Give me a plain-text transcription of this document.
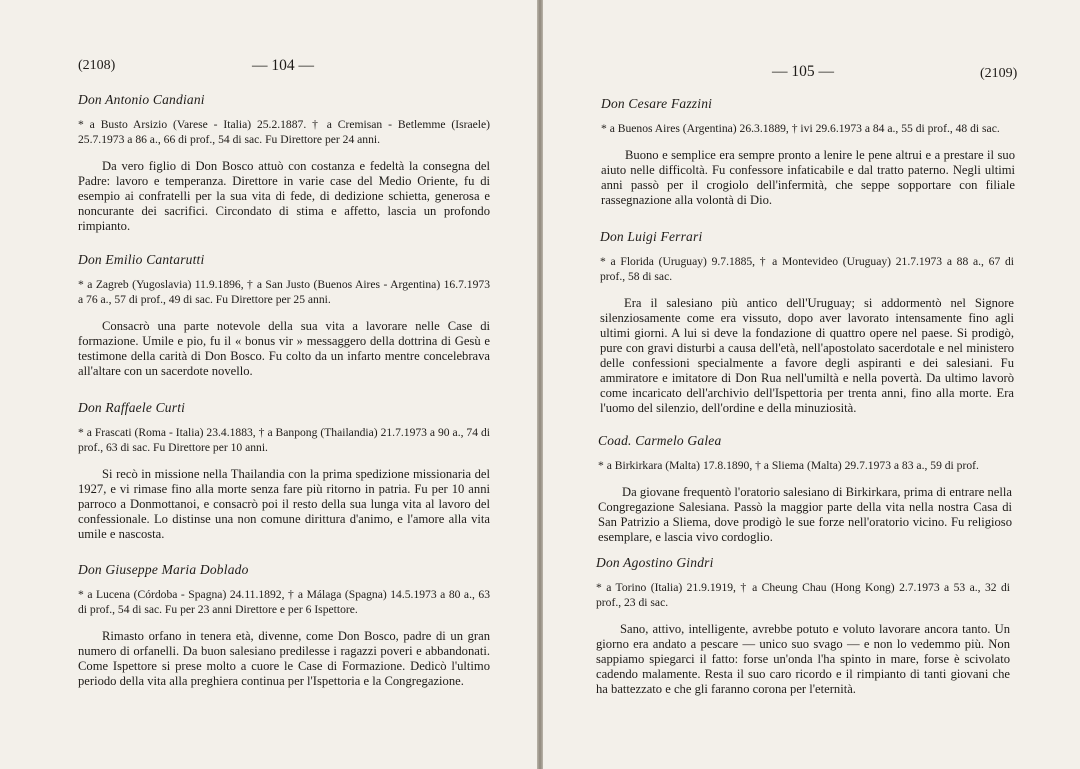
(2108)	— 104 —

Don Antonio Candiani

* a Busto Arsizio (Varese - Italia) 25.2.1887. † a Cremisan - Betlemme (Israele) 25.7.1973 a 86 a., 66 di prof., 54 di sac. Fu Direttore per 24 anni.

Da vero figlio di Don Bosco attuò con costanza e fedeltà la consegna del Padre: lavoro e temperanza. Direttore in varie case del Medio Oriente, fu di esempio ai confratelli per la sua vita di fede, di dedizione schietta, generosa e noncurante dei sacrifici. Circondato di stima e affetto, lascia un profondo rimpianto.

Don Emilio Cantarutti

* a Zagreb (Yugoslavia) 11.9.1896, † a San Justo (Buenos Aires - Argentina) 16.7.1973 a 76 a., 57 di prof., 49 di sac. Fu Direttore per 25 anni.

Consacrò una parte notevole della sua vita a lavorare nelle Case di formazione. Umile e pio, fu il « bonus vir » messaggero della dottrina di Gesù e testimone della carità di Don Bosco. Fu colto da un infarto mentre concelebrava all'altare con un sacerdote novello.

Don Raffaele Curti

* a Frascati (Roma - Italia) 23.4.1883, † a Banpong (Thailandia) 21.7.1973 a 90 a., 74 di prof., 63 di sac. Fu Direttore per 10 anni.

Si recò in missione nella Thailandia con la prima spedizione missionaria del 1927, e vi rimase fino alla morte senza fare più ritorno in patria. Fu per 10 anni parroco a Donmottanoi, e consacrò poi il resto della sua lunga vita al lavoro del confessionale. Lo distinse una non comune dirittura d'animo, e l'amore alla vita umile e nascosta.

Don Giuseppe Maria Doblado

* a Lucena (Córdoba - Spagna) 24.11.1892, † a Málaga (Spagna) 14.5.1973 a 80 a., 63 di prof., 54 di sac. Fu per 23 anni Direttore e per 6 Ispettore.

Rimasto orfano in tenera età, divenne, come Don Bosco, padre di un gran numero di orfanelli. Da buon salesiano predilesse i ragazzi poveri e abbandonati. Come Ispettore si prese molto a cuore le Case di Formazione. Dedicò l'ultimo periodo della vita alla preghiera continua per l'Ispettoria e la Congregazione.

— 105 —	(2109)

Don Cesare Fazzini

* a Buenos Aires (Argentina) 26.3.1889, † ivi 29.6.1973 a 84 a., 55 di prof., 48 di sac.

Buono e semplice era sempre pronto a lenire le pene altrui e a prestare il suo aiuto nelle difficoltà. Fu confessore infaticabile e dal tratto paterno. Negli ultimi anni passò per il crogiolo dell'infermità, che seppe sopportare con filiale rassegnazione alla volontà di Dio.

Don Luigi Ferrari

* a Florida (Uruguay) 9.7.1885, † a Montevideo (Uruguay) 21.7.1973 a 88 a., 67 di prof., 58 di sac.

Era il salesiano più antico dell'Uruguay; si addormentò nel Signore silenziosamente come era vissuto, dopo aver lavorato intensamente fino agli ultimi giorni. A lui si deve la fondazione di quattro opere nel paese. Si prodigò, pure con gravi disturbi a causa dell'età, nell'apostolato sacerdotale e nel ministero delle confessioni specialmente a favore degli aspiranti e dei salesiani. Fu ammiratore e imitatore di Don Rua nell'umiltà e nella povertà. Da ultimo lavorò come incaricato dell'archivio dell'Ispettoria per trenta anni, fino alla morte. Era l'uomo del silenzio, dell'ordine e della minuziosità.

Coad. Carmelo Galea

* a Birkirkara (Malta) 17.8.1890, † a Sliema (Malta) 29.7.1973 a 83 a., 59 di prof.

Da giovane frequentò l'oratorio salesiano di Birkirkara, prima di entrare nella Congregazione Salesiana. Passò la maggior parte della vita nella nostra Casa di San Patrizio a Sliema, dove prodigò le sue forze nell'oratorio vicino. Fu religioso esemplare, e lascia vivo cordoglio.

Don Agostino Gindri

* a Torino (Italia) 21.9.1919, † a Cheung Chau (Hong Kong) 2.7.1973 a 53 a., 32 di prof., 23 di sac.

Sano, attivo, intelligente, avrebbe potuto e voluto lavorare ancora tanto. Un giorno era andato a pescare — unico suo svago — e non lo vedemmo più. Non sappiamo spiegarci il fatto: forse un'onda l'ha spinto in mare, forse è scivolato cadendo malamente. Resta il suo caro ricordo e il rimpianto di tanti giovani che ha battezzato e che gli faranno corona per l'eternità.
